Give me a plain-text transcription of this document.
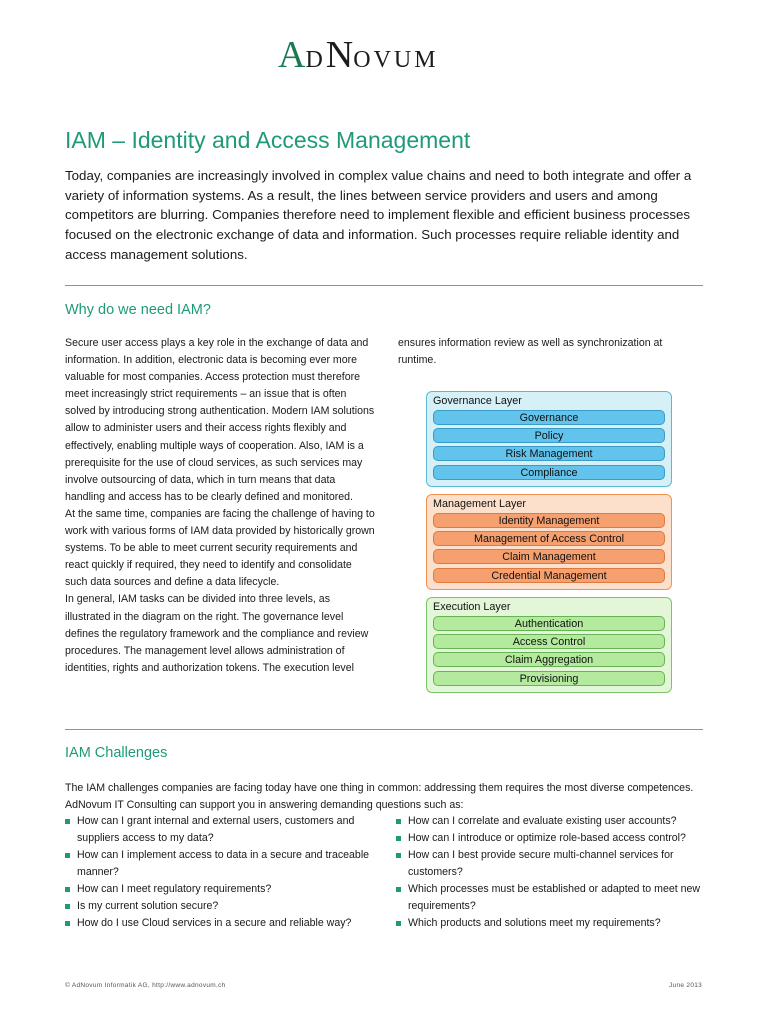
A D N OVUM
IAM – Identity and Access Management

Today, companies are increasingly involved in complex value chains and need to both integrate and offer a variety of information systems. As a result, the lines between service providers and users and among competitors are blurring. Companies therefore need to implement flexible and efficient business processes focused on the electronic exchange of data and information. Such processes require reliable identity and access management solutions.

Why do we need IAM?

Secure user access plays a key role in the exchange of data and information. In addition, electronic data is becoming ever more valuable for most companies. Access protection must therefore meet increasingly strict requirements – an issue that is often solved by introducing strong authentication. Modern IAM solutions allow to administer users and their access rights flexibly and effectively, enabling multiple ways of cooperation. Also, IAM is a prerequisite for the use of cloud services, as such services may involve outsourcing of data, which in turn means that data handling and access has to be clearly defined and monitored.

At the same time, companies are facing the challenge of having to work with various forms of IAM data provided by historically grown systems. To be able to meet current security requirements and react quickly if required, they need to identify and consolidate such data sources and define a data lifecycle.

In general, IAM tasks can be divided into three levels, as illustrated in the diagram on the right. The governance level defines the regulatory framework and the compliance and review procedures. The management level allows administration of identities, rights and authorization tokens. The execution level

ensures information review as well as synchronization at runtime.

Governance Layer
Governance
Policy
Risk Management
Compliance
Management Layer
Identity Management
Management of Access Control
Claim Management
Credential Management
Execution Layer
Authentication
Access Control
Claim Aggregation
Provisioning
IAM Challenges

The IAM challenges companies are facing today have one thing in common: addressing them requires the most diverse competences. AdNovum IT Consulting can support you in answering demanding questions such as:

How can I grant internal and external users, customers and suppliers access to my data?
How can I implement access to data in a secure and traceable manner?
How can I meet regulatory requirements?
Is my current solution secure?
How do I use Cloud services in a secure and reliable way?
How can I correlate and evaluate existing user accounts?
How can I introduce or optimize role-based access control?
How can I best provide secure multi-channel services for customers?
Which processes must be established or adapted to meet new requirements?
Which products and solutions meet my requirements?
© AdNovum Informatik AG, http://www.adnovum.ch	June 2013
